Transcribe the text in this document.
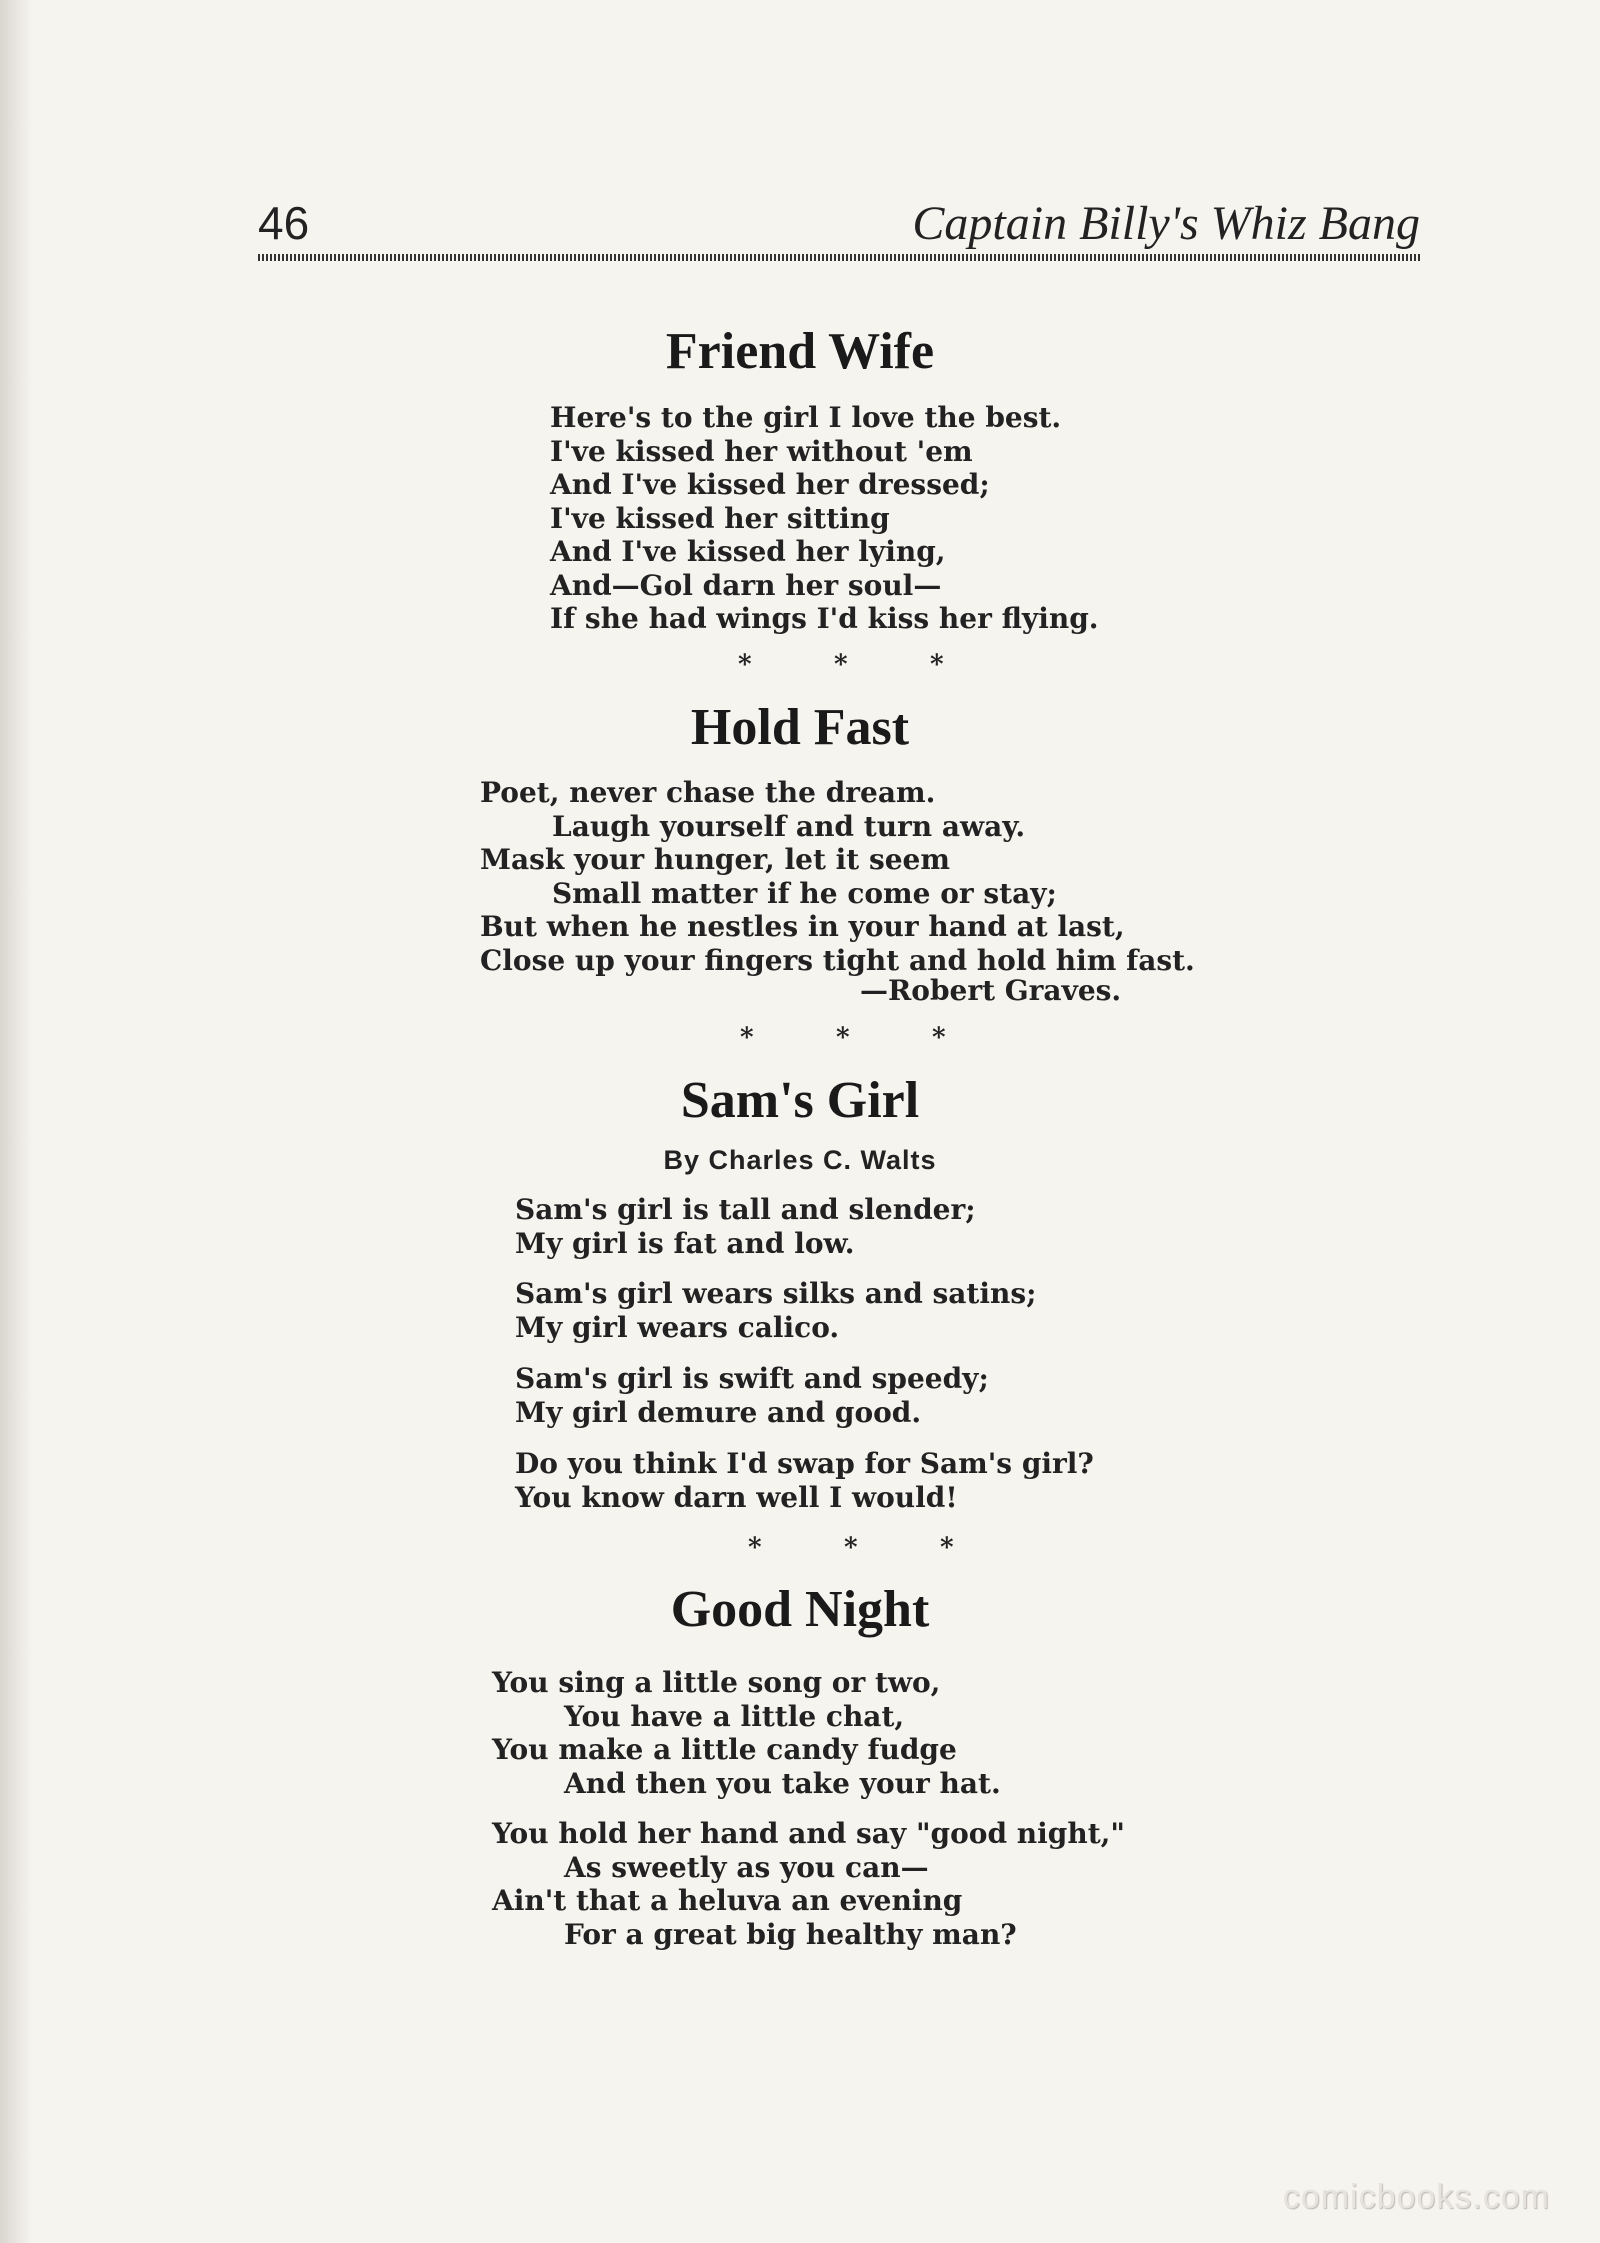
46	Captain Billy's Whiz Bang
Friend Wife
Here's to the girl I love the best.
I've kissed her without 'em
And I've kissed her dressed;
I've kissed her sitting
And I've kissed her lying,
And—Gol darn her soul—
If she had wings I'd kiss her flying.
*	*	*
Hold Fast
Poet, never chase the dream.
Laugh yourself and turn away.
Mask your hunger, let it seem
Small matter if he come or stay;
But when he nestles in your hand at last,
Close up your fingers tight and hold him fast.
—Robert Graves.
*	*	*
Sam's Girl
By Charles C. Walts
Sam's girl is tall and slender;
My girl is fat and low.
Sam's girl wears silks and satins;
My girl wears calico.
Sam's girl is swift and speedy;
My girl demure and good.
Do you think I'd swap for Sam's girl?
You know darn well I would!
*	*	*
Good Night
You sing a little song or two,
You have a little chat,
You make a little candy fudge
And then you take your hat.
You hold her hand and say "good night,"
As sweetly as you can—
Ain't that a heluva an evening
For a great big healthy man?
comicbooks.com
